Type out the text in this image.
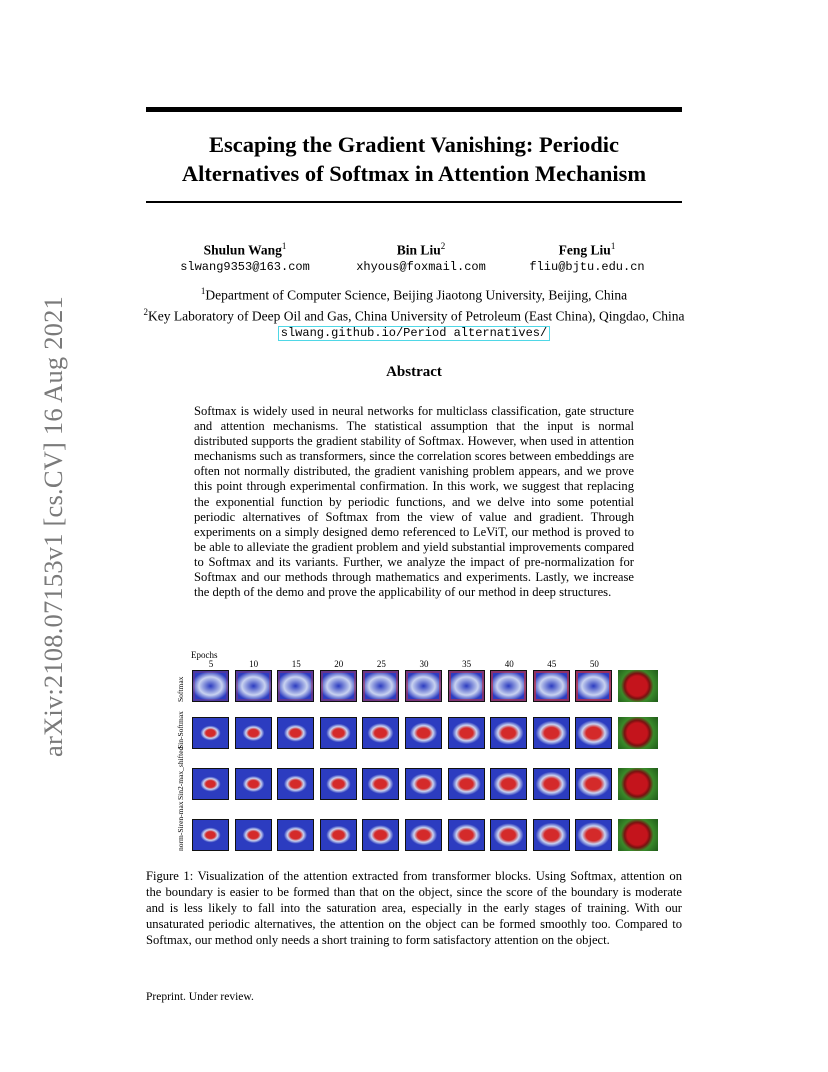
arXiv:2108.07153v1 [cs.CV] 16 Aug 2021
Escaping the Gradient Vanishing: Periodic
Alternatives of Softmax in Attention Mechanism
Shulun Wang$^1$
slwang9353@163.com
Bin Liu$^2$
xhyous@foxmail.com
Feng Liu$^1$
fliu@bjtu.edu.cn
$^1$Department of Computer Science, Beijing Jiaotong University, Beijing, China
$^2$Key Laboratory of Deep Oil and Gas, China University of Petroleum (East China), Qingdao, China
slwang.github.io/Period alternatives/
Abstract
Softmax is widely used in neural networks for multiclass classification, gate structure and attention mechanisms. The statistical assumption that the input is normal distributed supports the gradient stability of Softmax. However, when used in attention mechanisms such as transformers, since the correlation scores between embeddings are often not normally distributed, the gradient vanishing problem appears, and we prove this point through experimental confirmation. In this work, we suggest that replacing the exponential function by periodic functions, and we delve into some potential periodic alternatives of Softmax from the view of value and gradient. Through experiments on a simply designed demo referenced to LeViT, our method is proved to be able to alleviate the gradient problem and yield substantial improvements compared to Softmax and its variants. Further, we analyze the impact of pre-normalization for Softmax and our methods through mathematics and experiments. Lastly, we increase the depth of the demo and prove the applicability of our method in deep structures.
Epochs
5	10	15	20	25	30	35	40	45	50
Softmax
Sin-Softmax
Sin2-max_shifted
norm-Siren-max
Figure 1: Visualization of the attention extracted from transformer blocks. Using Softmax, attention on the boundary is easier to be formed than that on the object, since the score of the boundary is moderate and is less likely to fall into the saturation area, especially in the early stages of training. With our unsaturated periodic alternatives, the attention on the object can be formed smoothly too. Compared to Softmax, our method only needs a short training to form satisfactory attention on the object.
Preprint. Under review.
